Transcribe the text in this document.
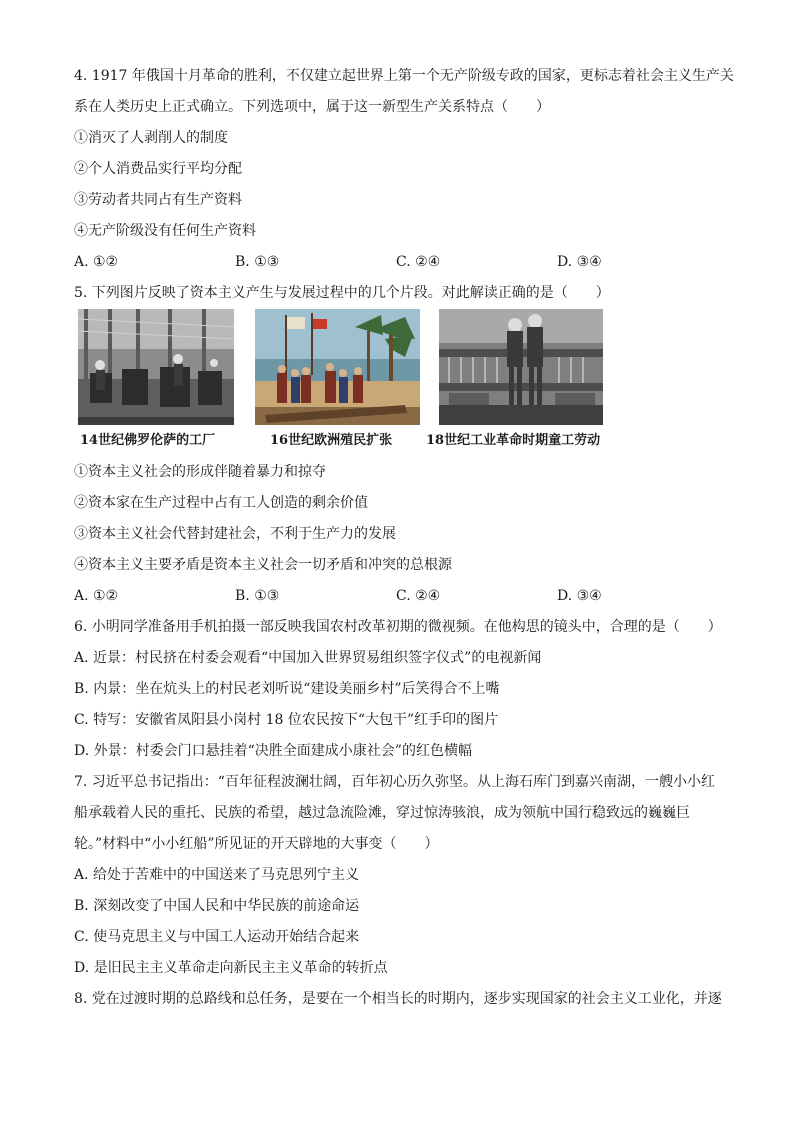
4. 1917 年俄国十月革命的胜利，不仅建立起世界上第一个无产阶级专政的国家，更标志着社会主义生产关
系在人类历史上正式确立。下列选项中，属于这一新型生产关系特点（　　）
①消灭了人剥削人的制度
②个人消费品实行平均分配
③劳动者共同占有生产资料
④无产阶级没有任何生产资料
A. ①②	B. ①③	C. ②④	D. ③④
5. 下列图片反映了资本主义产生与发展过程中的几个片段。对此解读正确的是（　　）
14世纪佛罗伦萨的工厂	16世纪欧洲殖民扩张	18世纪工业革命时期童工劳动
①资本主义社会的形成伴随着暴力和掠夺
②资本家在生产过程中占有工人创造的剩余价值
③资本主义社会代替封建社会，不利于生产力的发展
④资本主义主要矛盾是资本主义社会一切矛盾和冲突的总根源
A. ①②	B. ①③	C. ②④	D. ③④
6. 小明同学准备用手机拍摄一部反映我国农村改革初期的微视频。在他构思的镜头中，合理的是（　　）
A. 近景：村民挤在村委会观看“中国加入世界贸易组织签字仪式”的电视新闻
B. 内景：坐在炕头上的村民老刘听说“建设美丽乡村”后笑得合不上嘴
C. 特写：安徽省凤阳县小岗村 18 位农民按下“大包干”红手印的图片
D. 外景：村委会门口悬挂着“决胜全面建成小康社会”的红色横幅
7. 习近平总书记指出：“百年征程波澜壮阔，百年初心历久弥坚。从上海石库门到嘉兴南湖，一艘小小红
船承载着人民的重托、民族的希望，越过急流险滩，穿过惊涛骇浪，成为领航中国行稳致远的巍巍巨
轮。”材料中“小小红船”所见证的开天辟地的大事变（　　）
A. 给处于苦难中的中国送来了马克思列宁主义
B. 深刻改变了中国人民和中华民族的前途命运
C. 使马克思主义与中国工人运动开始结合起来
D. 是旧民主主义革命走向新民主主义革命的转折点
8. 党在过渡时期的总路线和总任务，是要在一个相当长的时期内，逐步实现国家的社会主义工业化，并逐
